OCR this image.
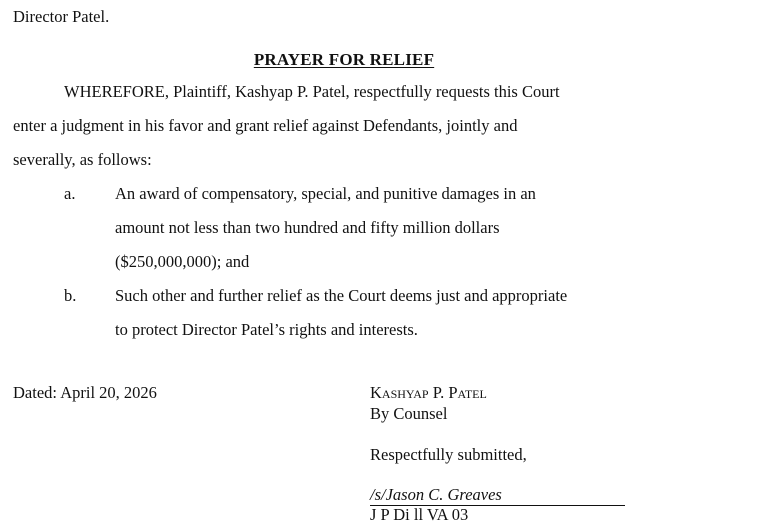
Director Patel.
PRAYER FOR RELIEF
WHEREFORE, Plaintiff, Kashyap P. Patel, respectfully requests this Court
enter a judgment in his favor and grant relief against Defendants, jointly and
severally, as follows:
a. An award of compensatory, special, and punitive damages in an
amount not less than two hundred and fifty million dollars
($250,000,000); and
b. Such other and further relief as the Court deems just and appropriate
to protect Director Patel’s rights and interests.
Dated: April 20, 2026	Kashyap P. Patel
By Counsel
Respectfully submitted,
/s/Jason C. Greaves
J P Di ll VA 03
